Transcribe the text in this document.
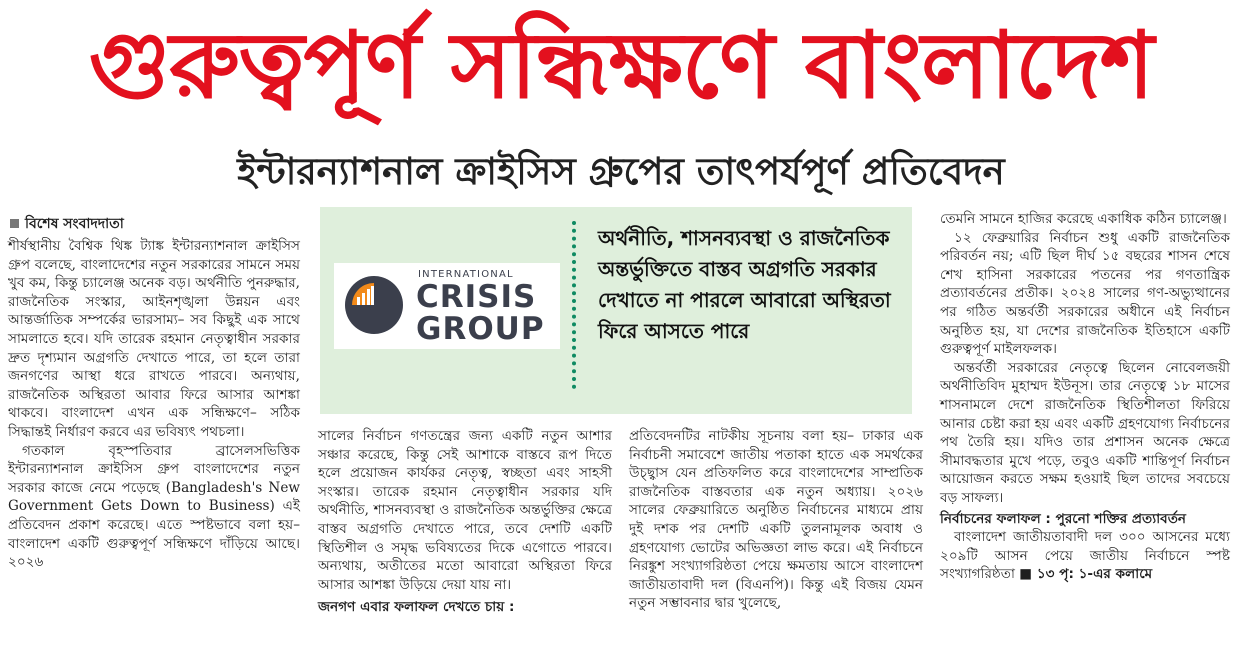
গুরুত্বপূর্ণ সন্ধিক্ষণে বাংলাদেশ
ইন্টারন্যাশনাল ক্রাইসিস গ্রুপের তাৎপর্যপূর্ণ প্রতিবেদন
বিশেষ সংবাদদাতা

শীর্ষস্থানীয় বৈশ্বিক থিঙ্ক ট্যাঙ্ক ইন্টারন্যাশনাল ক্রাইসিস গ্রুপ বলেছে, বাংলাদেশের নতুন সরকারের সামনে সময় খুব কম, কিন্তু চ্যালেঞ্জ অনেক বড়। অর্থনীতি পুনরুদ্ধার, রাজনৈতিক সংস্কার, আইনশৃঙ্খলা উন্নয়ন এবং আন্তর্জাতিক সম্পর্কের ভারসাম্য– সব কিছুই এক সাথে সামলাতে হবে। যদি তারেক রহমান নেতৃত্বাধীন সরকার দ্রুত দৃশ্যমান অগ্রগতি দেখাতে পারে, তা হলে তারা জনগণের আস্থা ধরে রাখতে পারবে। অন্যথায়, রাজনৈতিক অস্থিরতা আবার ফিরে আসার আশঙ্কা থাকবে। বাংলাদেশ এখন এক সন্ধিক্ষণে– সঠিক সিদ্ধান্তই নির্ধারণ করবে এর ভবিষ্যৎ পথচলা।

গতকাল বৃহস্পতিবার ব্রাসেলসভিত্তিক ইন্টারন্যাশনাল ক্রাইসিস গ্রুপ বাংলাদেশের নতুন সরকার কাজে নেমে পড়েছে (Bangladesh's New Government Gets Down to Business) এই প্রতিবেদন প্রকাশ করেছে। এতে স্পষ্টভাবে বলা হয়– বাংলাদেশ একটি গুরুত্বপূর্ণ সন্ধিক্ষণে দাঁড়িয়ে আছে। ২০২৬

INTERNATIONAL
CRISIS
GROUP
অর্থনীতি, শাসনব্যবস্থা ও রাজনৈতিক অন্তর্ভুক্তিতে বাস্তব অগ্রগতি সরকার দেখাতে না পারলে আবারো অস্থিরতা ফিরে আসতে পারে

সালের নির্বাচন গণতন্ত্রের জন্য একটি নতুন আশার সঞ্চার করেছে, কিন্তু সেই আশাকে বাস্তবে রূপ দিতে হলে প্রয়োজন কার্যকর নেতৃত্ব, স্বচ্ছতা এবং সাহসী সংস্কার। তারেক রহমান নেতৃত্বাধীন সরকার যদি অর্থনীতি, শাসনব্যবস্থা ও রাজনৈতিক অন্তর্ভুক্তির ক্ষেত্রে বাস্তব অগ্রগতি দেখাতে পারে, তবে দেশটি একটি স্থিতিশীল ও সমৃদ্ধ ভবিষ্যতের দিকে এগোতে পারবে। অন্যথায়, অতীতের মতো আবারো অস্থিরতা ফিরে আসার আশঙ্কা উড়িয়ে দেয়া যায় না।

জনগণ এবার ফলাফল দেখতে চায় :

প্রতিবেদনটির নাটকীয় সূচনায় বলা হয়– ঢাকার এক নির্বাচনী সমাবেশে জাতীয় পতাকা হাতে এক সমর্থকের উচ্ছ্বাস যেন প্রতিফলিত করে বাংলাদেশের সাম্প্রতিক রাজনৈতিক বাস্তবতার এক নতুন অধ্যায়। ২০২৬ সালের ফেব্রুয়ারিতে অনুষ্ঠিত নির্বাচনের মাধ্যমে প্রায় দুই দশক পর দেশটি একটি তুলনামূলক অবাধ ও গ্রহণযোগ্য ভোটের অভিজ্ঞতা লাভ করে। এই নির্বাচনে নিরঙ্কুশ সংখ্যাগরিষ্ঠতা পেয়ে ক্ষমতায় আসে বাংলাদেশ জাতীয়তাবাদী দল (বিএনপি)। কিন্তু এই বিজয় যেমন নতুন সম্ভাবনার দ্বার খুলেছে,

তেমনি সামনে হাজির করেছে একাধিক কঠিন চ্যালেঞ্জ।

১২ ফেব্রুয়ারির নির্বাচন শুধু একটি রাজনৈতিক পরিবর্তন নয়; এটি ছিল দীর্ঘ ১৫ বছরের শাসন শেষে শেখ হাসিনা সরকারের পতনের পর গণতান্ত্রিক প্রত্যাবর্তনের প্রতীক। ২০২৪ সালের গণ-অভ্যুত্থানের পর গঠিত অন্তর্বর্তী সরকারের অধীনে এই নির্বাচন অনুষ্ঠিত হয়, যা দেশের রাজনৈতিক ইতিহাসে একটি গুরুত্বপূর্ণ মাইলফলক।

অন্তর্বর্তী সরকারের নেতৃত্বে ছিলেন নোবেলজয়ী অর্থনীতিবিদ মুহাম্মদ ইউনূস। তার নেতৃত্বে ১৮ মাসের শাসনামলে দেশে রাজনৈতিক স্থিতিশীলতা ফিরিয়ে আনার চেষ্টা করা হয় এবং একটি গ্রহণযোগ্য নির্বাচনের পথ তৈরি হয়। যদিও তার প্রশাসন অনেক ক্ষেত্রে সীমাবদ্ধতার মুখে পড়ে, তবুও একটি শান্তিপূর্ণ নির্বাচন আয়োজন করতে সক্ষম হওয়াই ছিল তাদের সবচেয়ে বড় সাফল্য।

নির্বাচনের ফলাফল : পুরনো শক্তির প্রত্যাবর্তন

বাংলাদেশ জাতীয়তাবাদী দল ৩০০ আসনের মধ্যে ২০৯টি আসন পেয়ে জাতীয় নির্বাচনে স্পষ্ট সংখ্যাগরিষ্ঠতা ■ ১৩ পৃ: ১-এর কলামে
